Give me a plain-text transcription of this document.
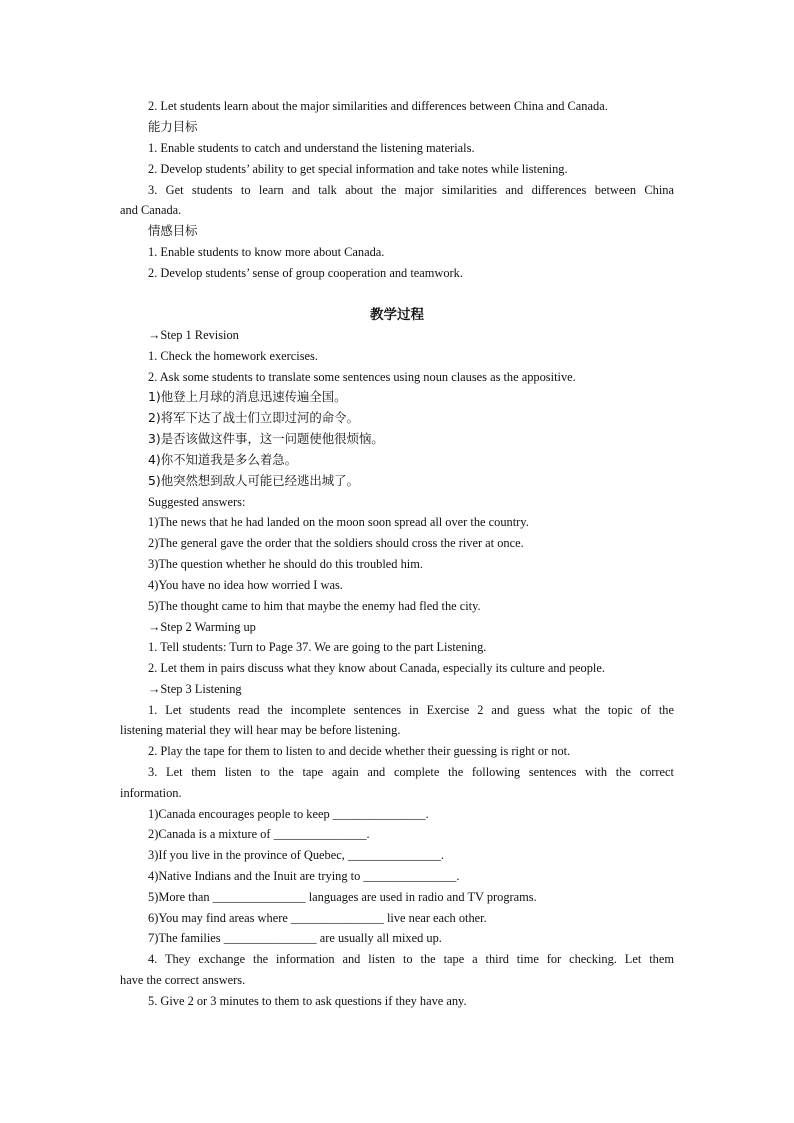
2. Let students learn about the major similarities and differences between China and Canada.
能力目标
1. Enable students to catch and understand the listening materials.
2. Develop students’ ability to get special information and take notes while listening.
3. Get students to learn and talk about the major similarities and differences between China
and Canada.
情感目标
1. Enable students to know more about Canada.
2. Develop students’ sense of group cooperation and teamwork.
教学过程
→Step 1 Revision
1. Check the homework exercises.
2. Ask some students to translate some sentences using noun clauses as the appositive.
1)他登上月球的消息迅速传遍全国。
2)将军下达了战士们立即过河的命令。
3)是否该做这件事，这一问题使他很烦恼。
4)你不知道我是多么着急。
5)他突然想到敌人可能已经逃出城了。
Suggested answers:
1)The news that he had landed on the moon soon spread all over the country.
2)The general gave the order that the soldiers should cross the river at once.
3)The question whether he should do this troubled him.
4)You have no idea how worried I was.
5)The thought came to him that maybe the enemy had fled the city.
→Step 2 Warming up
1. Tell students: Turn to Page 37. We are going to the part Listening.
2. Let them in pairs discuss what they know about Canada, especially its culture and people.
→Step 3 Listening
1. Let students read the incomplete sentences in Exercise 2 and guess what the topic of the
listening material they will hear may be before listening.
2. Play the tape for them to listen to and decide whether their guessing is right or not.
3. Let them listen to the tape again and complete the following sentences with the correct
information.
1)Canada encourages people to keep _______________.
2)Canada is a mixture of _______________.
3)If you live in the province of Quebec, _______________.
4)Native Indians and the Inuit are trying to _______________.
5)More than _______________ languages are used in radio and TV programs.
6)You may find areas where _______________ live near each other.
7)The families _______________ are usually all mixed up.
4. They exchange the information and listen to the tape a third time for checking. Let them
have the correct answers.
5. Give 2 or 3 minutes to them to ask questions if they have any.
